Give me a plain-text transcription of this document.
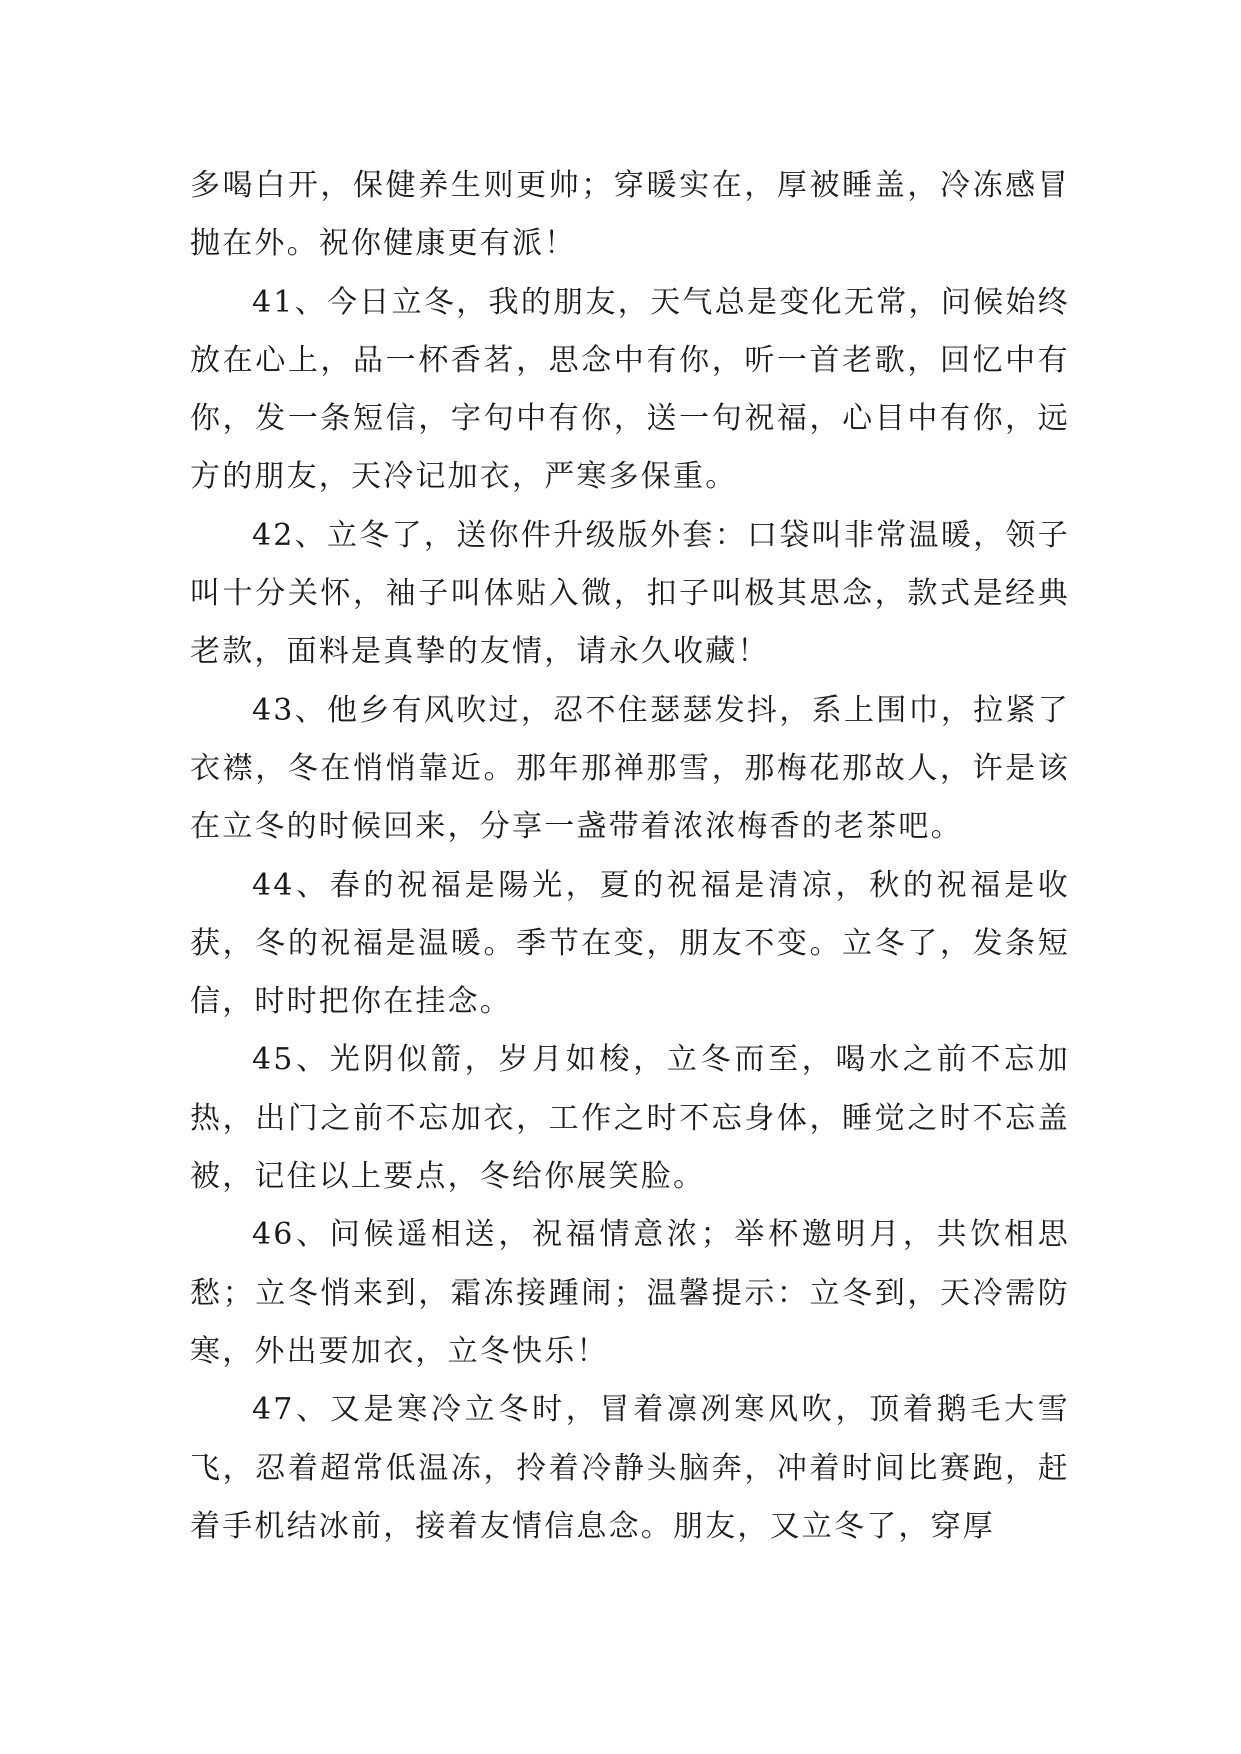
多喝白开，保健养生则更帅；穿暖实在，厚被睡盖，冷冻感冒抛在外。祝你健康更有派！

41、今日立冬，我的朋友，天气总是变化无常，问候始终放在心上，品一杯香茗，思念中有你，听一首老歌，回忆中有你，发一条短信，字句中有你，送一句祝福，心目中有你，远方的朋友，天冷记加衣，严寒多保重。

42、立冬了，送你件升级版外套：口袋叫非常温暖，领子叫十分关怀，袖子叫体贴入微，扣子叫极其思念，款式是经典老款，面料是真挚的友情，请永久收藏！

43、他乡有风吹过，忍不住瑟瑟发抖，系上围巾，拉紧了衣襟，冬在悄悄靠近。那年那禅那雪，那梅花那故人，许是该在立冬的时候回来，分享一盏带着浓浓梅香的老茶吧。

44、春的祝福是陽光，夏的祝福是清凉，秋的祝福是收获，冬的祝福是温暖。季节在变，朋友不变。立冬了，发条短信，时时把你在挂念。

45、光阴似箭，岁月如梭，立冬而至，喝水之前不忘加热，出门之前不忘加衣，工作之时不忘身体，睡觉之时不忘盖被，记住以上要点，冬给你展笑脸。

46、问候遥相送，祝福情意浓；举杯邀明月，共饮相思愁；立冬悄来到，霜冻接踵闹；温馨提示：立冬到，天冷需防寒，外出要加衣，立冬快乐！

47、又是寒冷立冬时，冒着凛冽寒风吹，顶着鹅毛大雪飞，忍着超常低温冻，拎着冷静头脑奔，冲着时间比赛跑，赶着手机结冰前，接着友情信息念。朋友，又立冬了，穿厚
